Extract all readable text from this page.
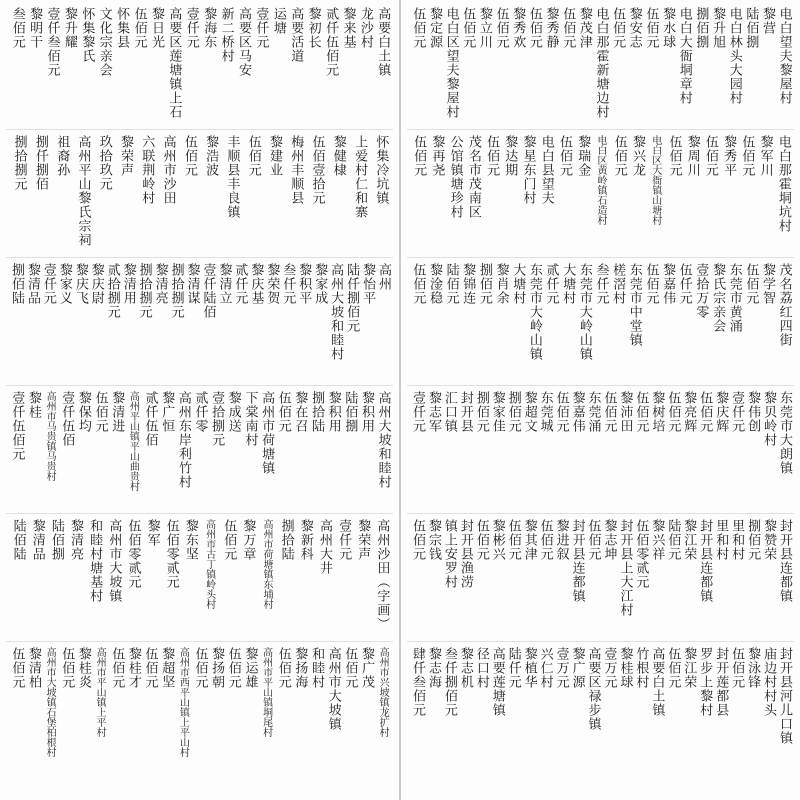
高要白土镇
龙沙村
黎来基
贰仟伍佰元
黎初长
高要活道
运塘
壹仟元
高要区马安
新二桥村
黎海东
壹仟元
高要区莲塘镇上石
黎日光
伍佰元
怀集县
文化宗亲会
怀集黎氏
黎升耀
壹仟叁佰元
黎明干
叁佰元
怀集冷坑镇
上爱村仁和寨
黎健棣
伍佰壹拾元
梅州丰顺县
黎建业
伍佰元
丰顺县丰良镇
黎浩波
伍佰元
高州市沙田
六联荆岭村
黎荣声
玖拾玖元
高州平山黎氏宗祠
祖裔孙
捌仟捌佰
捌拾捌元
高州
黎怡平
陆仟捌佰元
高州大坡和睦村
黎家成
黎积平
叁仟元
黎荣贺
黎庆基
贰仟元
黎清立
壹仟陆佰
黎清谋
捌拾捌元
黎清亮
捌拾捌元
黎清用
贰拾捌元
黎庆尉
黎庆飞
黎家义
壹仟元
黎清品
捌佰陆
高州大坡和睦村
黎积用
陆佰捌
黎积用
捌拾陆
黎在召
伍佰元
高州市荷塘镇
下棠南村
黎成送
壹拾捌元
贰仟零
高州东岸利竹村
黎广恒
贰仟伍佰
高州平山镇平山曲贵村
黎清进
伍佰元
黎保均
壹仟伍佰
高州市马贵镇马贵村
黎桂
壹仟伍佰元
高州沙田（字画）
黎荣声
壹仟元
高州大井
黎新科
捌拾陆
高州市荷塘镇东埔村
黎万章
伍佰元
高州市古丁镇岭头村
黎东坚
伍佰零贰元
黎军
伍佰零贰元
高州市大坡镇
和睦村塘基村
黎清亮
陆佰捌
黎清品
陆佰陆
高州市兴坡镇龙扩村
黎广茂
伍佰元
高州市大坡镇
和睦村
黎扬海
伍佰元
高州市平山镇垌尾村
黎运雄
伍佰元
黎扬朝
伍佰元
高州市西平山镇上平山村
黎超坚
伍佰元
黎桂才
伍佰元
高州市平山镇上平村
黎桂炎
伍佰元
高州市大坡镇石堡柏根村
黎清柏
伍佰元
电白望夫黎屋村
黎营
陆佰捌
电白林头大园村
黎升旭
捌佰捌
电白大衙垌章村
黎水球
伍佰元
黎安志
伍佰元
电白那霍新塘边村
黎茂津
伍佰元
黎秀静
伍佰元
黎秀欢
伍佰元
黎立川
伍佰元
电白区望夫黎屋村
黎定源
伍佰元
电白那霍垌坑村
黎军川
伍佰元
黎秀平
伍佰元
黎周川
伍佰元
电白区大衙镇山塘村
黎兴龙
伍佰元
电白区黄岭镇石造村
黎瑞金
伍佰元
电白县望夫
黎星东门村
黎达期
伍佰元
茂名市茂南区
公馆镇塘珍村
黎再尧
伍佰元
茂名荔红四街
黎学智
伍佰元
东莞市黄涌
黎氏宗亲会
壹拾万零
伍仟元
黎嘉伟
伍佰元
东莞市中堂镇
槎滘村
叁仟元
东莞市大岭山镇
大塘村
贰仟元
东莞市大岭山镇
大塘村
黎肖余
捌佰元
黎锦连
陆佰元
黎淦稳
伍佰元
东莞市大朗镇
黎贝岭村
黎伟创
壹仟元
黎庆辉
伍佰元
黎亮辉
伍佰元
黎树培
伍佰元
黎沛田
伍佰元
东莞涌
黎嘉伟
伍佰元
东莞城
黎超文
捌佰元
黎家佳
捌佰元
封开县
汇口镇
黎志军
壹仟元
封开县连都镇
黎赞荣
捌佰元
里和村
里和村
封开县连都镇
黎江荣
陆佰元
黎兴祥
伍佰零贰元
封开县上大江村
黎志坤
伍佰元
封开县连都镇
黎进叙
伍佰元
黎其津
伍佰元
黎彬兴
伍佰元
封开县渔涝
镇上安罗村
黎宗钱
伍佰元
封开县河儿口镇
庙边村村头
黎泳锋
伍佰元
封开莲都县
罗步上黎村
黎江荣
伍佰元
高要白土镇
竹根村
黎桂球
壹万元
高要区禄步镇
黎广源
壹万元
兴仁村
黎植华
陆仟元
高要莲塘镇
径口村
黎志机
叁仟捌佰元
黎志海
肆仟叁佰元
